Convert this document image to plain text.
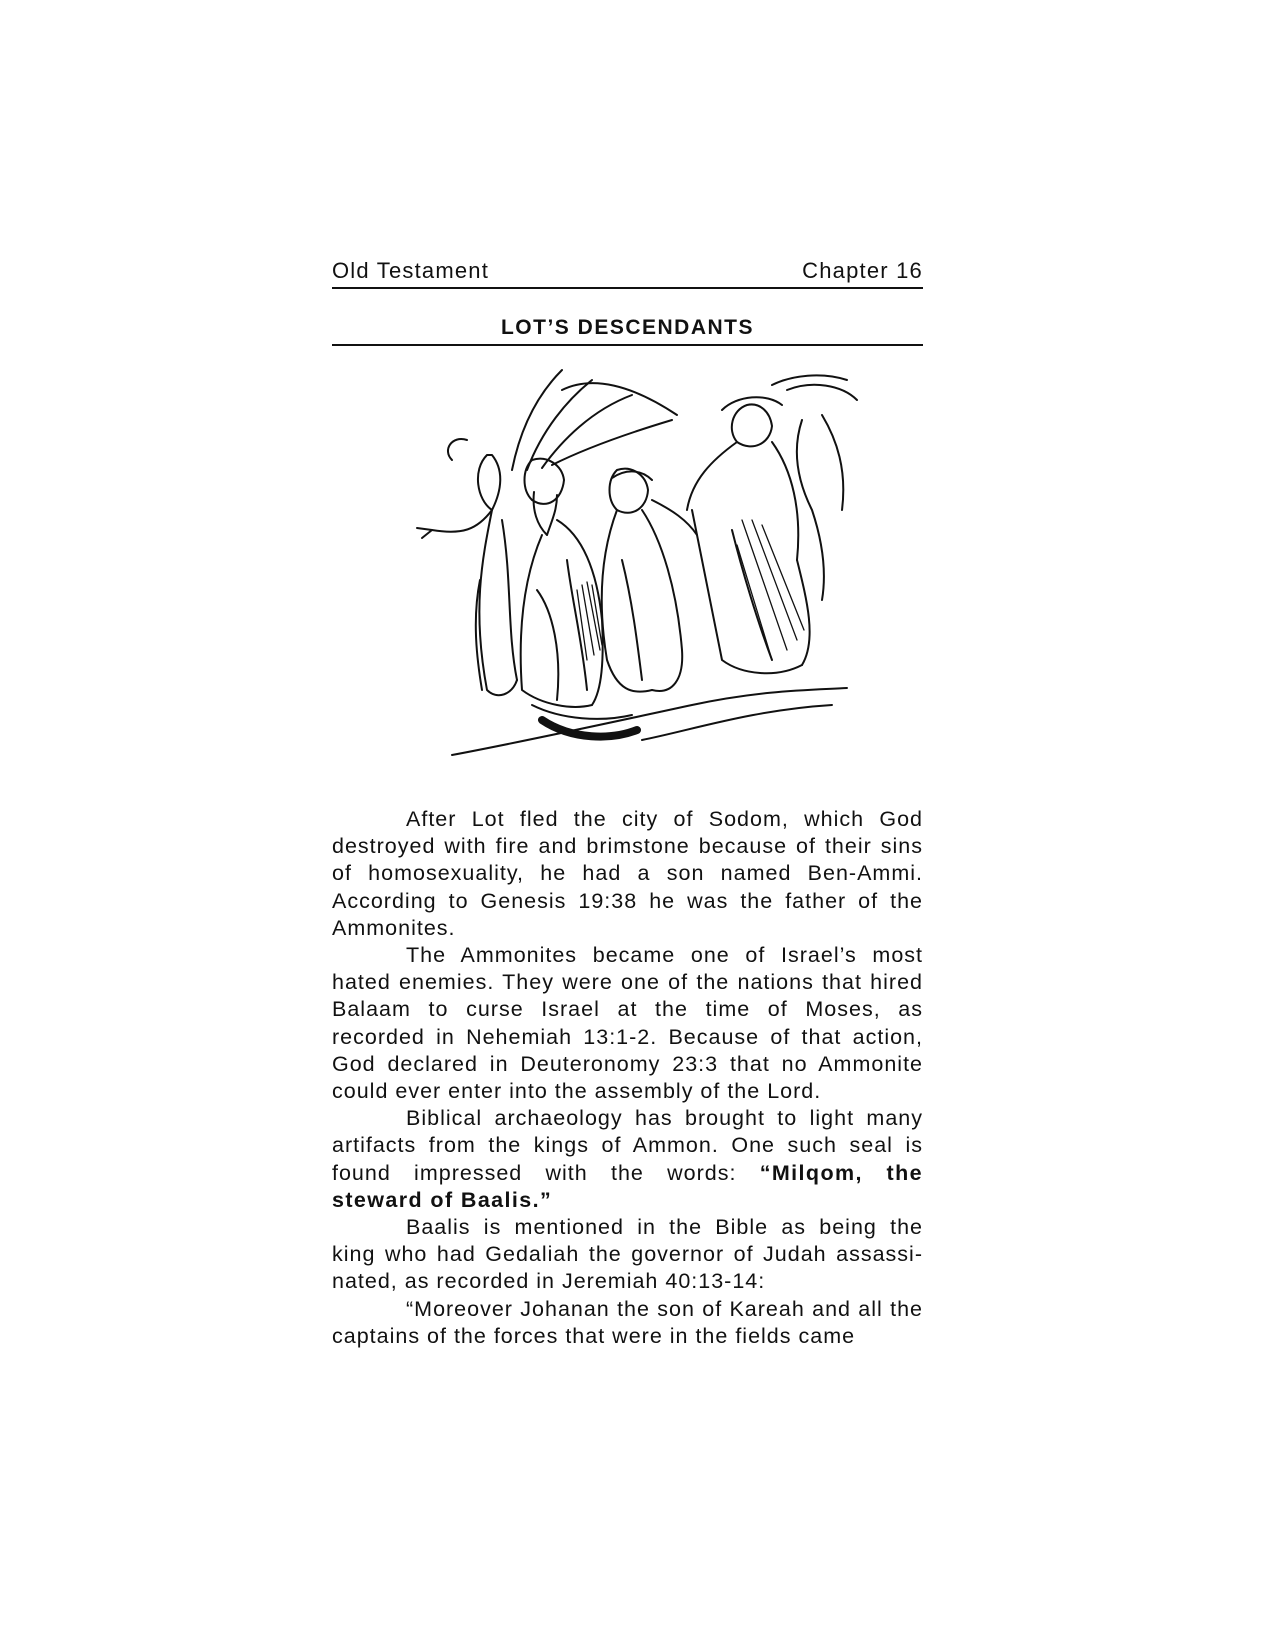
Old Testament	Chapter 16
LOT’S DESCENDANTS

After Lot fled the city of Sodom, which God destroyed with fire and brimstone because of their sins of homosexuality, he had a son named Ben-Ammi. According to Genesis 19:38 he was the father of the Ammonites.

The Ammonites became one of Israel’s most hated enemies. They were one of the nations that hired Balaam to curse Israel at the time of Moses, as recorded in Nehemiah 13:1-2. Because of that action, God declared in Deuteronomy 23:3 that no Ammonite could ever enter into the assembly of the Lord.

Biblical archaeology has brought to light many artifacts from the kings of Ammon. One such seal is found impressed with the words: “Milqom, the steward of Baalis.”

Baalis is mentioned in the Bible as being the king who had Gedaliah the governor of Judah assassi-nated, as recorded in Jeremiah 40:13-14:

“Moreover Johanan the son of Kareah and all the captains of the forces that were in the fields came
